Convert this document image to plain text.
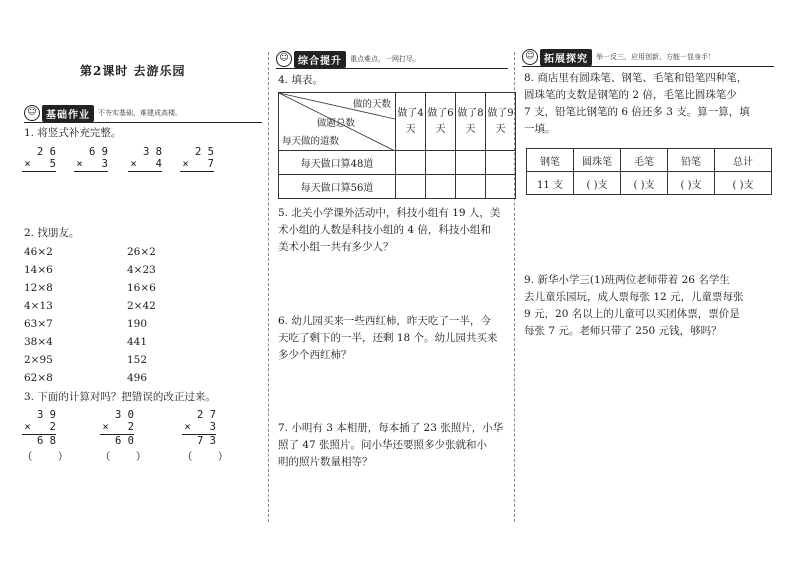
第2课时 去游乐园
☺ 基础作业	不夯实基础，难建成高楼。
1. 将竖式补充完整。
2 6
×   5
6 9
×   3
3 8
×   4
2 5
×   7
2. 找朋友。
46×2
14×6
12×8
4×13
63×7
38×4
2×95
62×8
26×2
4×23
16×6
2×42
190
441
152
496
3. 下面的计算对吗？把错误的改正过来。
3 9
×   2
6 8
（    ）
3 0
×   2
6 0
（    ）
2 7
×   3
7 3
（    ）
☺ 综合提升	重点难点，一网打尽。
4. 填表。
做的天数
做题总数
每天做的道数	做了4天	做了6天	做了8天	做了9天
每天做口算48道				
每天做口算56道				
5. 北关小学课外活动中，科技小组有 19 人，美
术小组的人数是科技小组的 4 倍，科技小组和
美术小组一共有多少人？
6. 幼儿园买来一些西红柿，昨天吃了一半，今
天吃了剩下的一半，还剩 18 个。幼儿园共买来
多少个西红柿？
7. 小明有 3 本相册，每本插了 23 张照片，小华
照了 47 张照片。问小华还要照多少张就和小
明的照片数量相等？
☺ 拓展探究	举一反三，应用创新，方能一显身手！
8. 商店里有圆珠笔、钢笔、毛笔和铅笔四种笔，
圆珠笔的支数是钢笔的 2 倍，毛笔比圆珠笔少
7 支，铅笔比钢笔的 6 倍还多 3 支。算一算，填
一填。
钢笔	圆珠笔	毛笔	铅笔	总计
11 支	( )支	( )支	( )支	( )支
9. 新华小学三(1)班两位老师带着 26 名学生
去儿童乐园玩，成人票每张 12 元，儿童票每张
9 元，20 名以上的儿童可以买团体票，票价是
每张 7 元。老师只带了 250 元钱，够吗？
